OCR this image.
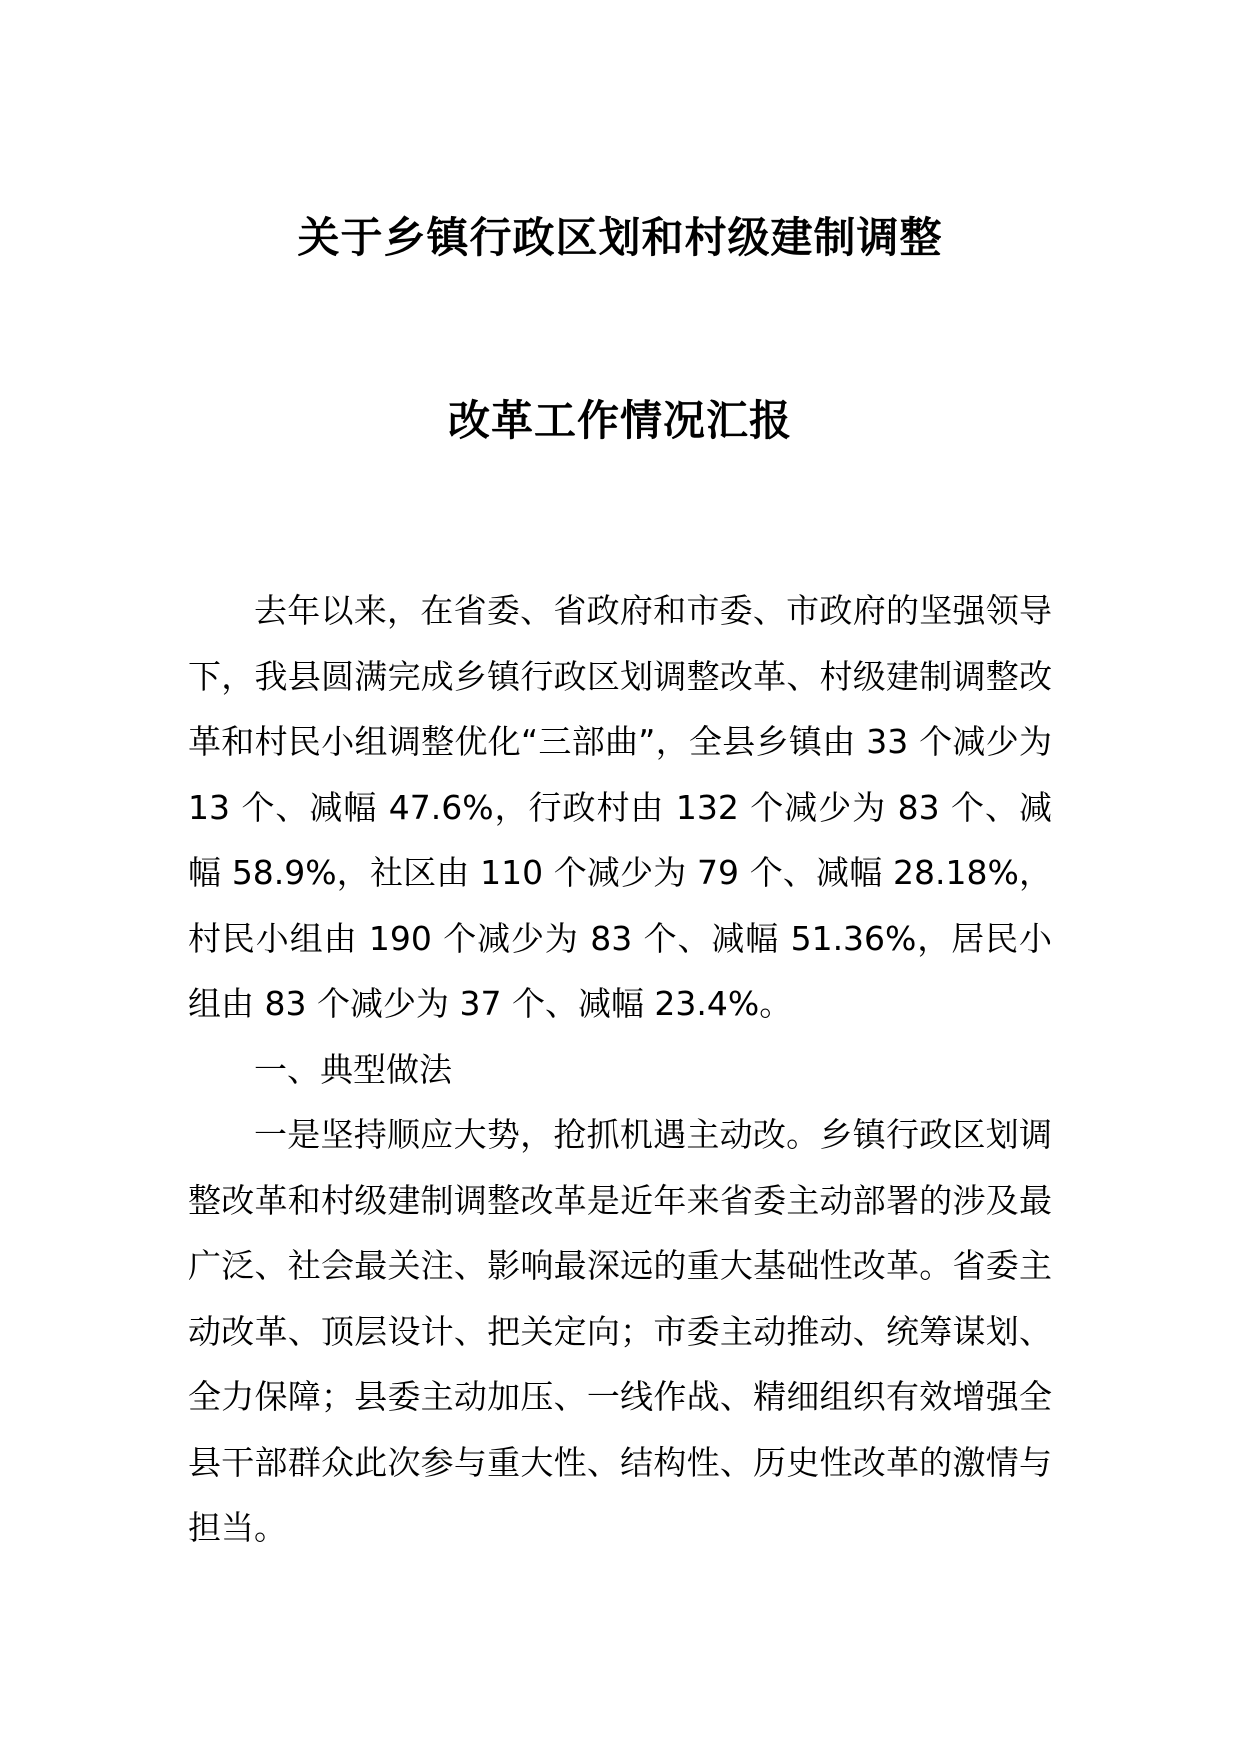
关于乡镇行政区划和村级建制调整
改革工作情况汇报

去年以来，在省委、省政府和市委、市政府的坚强领导下，我县圆满完成乡镇行政区划调整改革、村级建制调整改革和村民小组调整优化“三部曲”，全县乡镇由 33 个减少为 13 个、减幅 47.6%，行政村由 132 个减少为 83 个、减幅 58.9%，社区由 110 个减少为 79 个、减幅 28.18%，村民小组由 190 个减少为 83 个、减幅 51.36%，居民小组由 83 个减少为 37 个、减幅 23.4%。

一、典型做法

一是坚持顺应大势，抢抓机遇主动改。乡镇行政区划调整改革和村级建制调整改革是近年来省委主动部署的涉及最广泛、社会最关注、影响最深远的重大基础性改革。省委主动改革、顶层设计、把关定向；市委主动推动、统筹谋划、全力保障；县委主动加压、一线作战、精细组织有效增强全县干部群众此次参与重大性、结构性、历史性改革的激情与担当。
